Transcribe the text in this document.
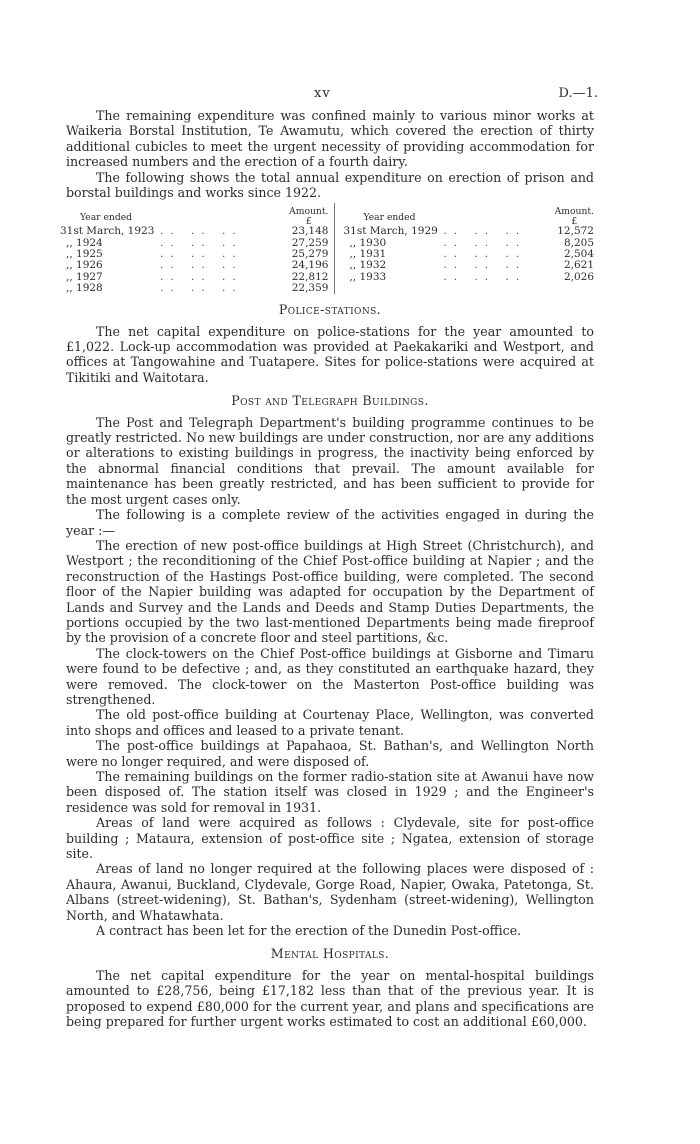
xv	D.—1.

The remaining expenditure was confined mainly to various minor works at Waikeria Borstal Institution, Te Awamutu, which covered the erection of thirty additional cubicles to meet the urgent necessity of providing accommodation for increased numbers and the erection of a fourth dairy.

The following shows the total annual expenditure on erection of prison and borstal buildings and works since 1922.

Year ended
Amount.
£
31st March, 1923 .. .. ..	23,148
,, 1924	.. .. ..	27,259
,, 1925	.. .. ..	25,279
,, 1926	.. .. ..	24,196
,, 1927	.. .. ..	22,812
,, 1928	.. .. ..	22,359
Year ended
Amount.
£
31st March, 1929 .. .. ..	12,572
,, 1930	.. .. ..	8,205
,, 1931	.. .. ..	2,504
,, 1932	.. .. ..	2,621
,, 1933	.. .. ..	2,026
Police-stations.

The net capital expenditure on police-stations for the year amounted to £1,022. Lock-up accommodation was provided at Paekakariki and Westport, and offices at Tangowahine and Tuatapere. Sites for police-stations were acquired at Tikitiki and Waitotara.

Post and Telegraph Buildings.

The Post and Telegraph Department's building programme continues to be greatly restricted. No new buildings are under construction, nor are any additions or alterations to existing buildings in progress, the inactivity being enforced by the abnormal financial conditions that prevail. The amount available for maintenance has been greatly restricted, and has been sufficient to provide for the most urgent cases only.

The following is a complete review of the activities engaged in during the year :—

The erection of new post-office buildings at High Street (Christchurch), and Westport ; the reconditioning of the Chief Post-office building at Napier ; and the reconstruction of the Hastings Post-office building, were completed. The second floor of the Napier building was adapted for occupation by the Department of Lands and Survey and the Lands and Deeds and Stamp Duties Departments, the portions occupied by the two last-mentioned Departments being made fireproof by the provision of a concrete floor and steel partitions, &c.

The clock-towers on the Chief Post-office buildings at Gisborne and Timaru were found to be defective ; and, as they constituted an earthquake hazard, they were removed. The clock-tower on the Masterton Post-office building was strengthened.

The old post-office building at Courtenay Place, Wellington, was converted into shops and offices and leased to a private tenant.

The post-office buildings at Papahaoa, St. Bathan's, and Wellington North were no longer required, and were disposed of.

The remaining buildings on the former radio-station site at Awanui have now been disposed of. The station itself was closed in 1929 ; and the Engineer's residence was sold for removal in 1931.

Areas of land were acquired as follows : Clydevale, site for post-office building ; Mataura, extension of post-office site ; Ngatea, extension of storage site.

Areas of land no longer required at the following places were disposed of : Ahaura, Awanui, Buckland, Clydevale, Gorge Road, Napier, Owaka, Patetonga, St. Albans (street-widening), St. Bathan's, Sydenham (street-widening), Wellington North, and Whatawhata.

A contract has been let for the erection of the Dunedin Post-office.

Mental Hospitals.

The net capital expenditure for the year on mental-hospital buildings amounted to £28,756, being £17,182 less than that of the previous year. It is proposed to expend £80,000 for the current year, and plans and specifications are being prepared for further urgent works estimated to cost an additional £60,000.
